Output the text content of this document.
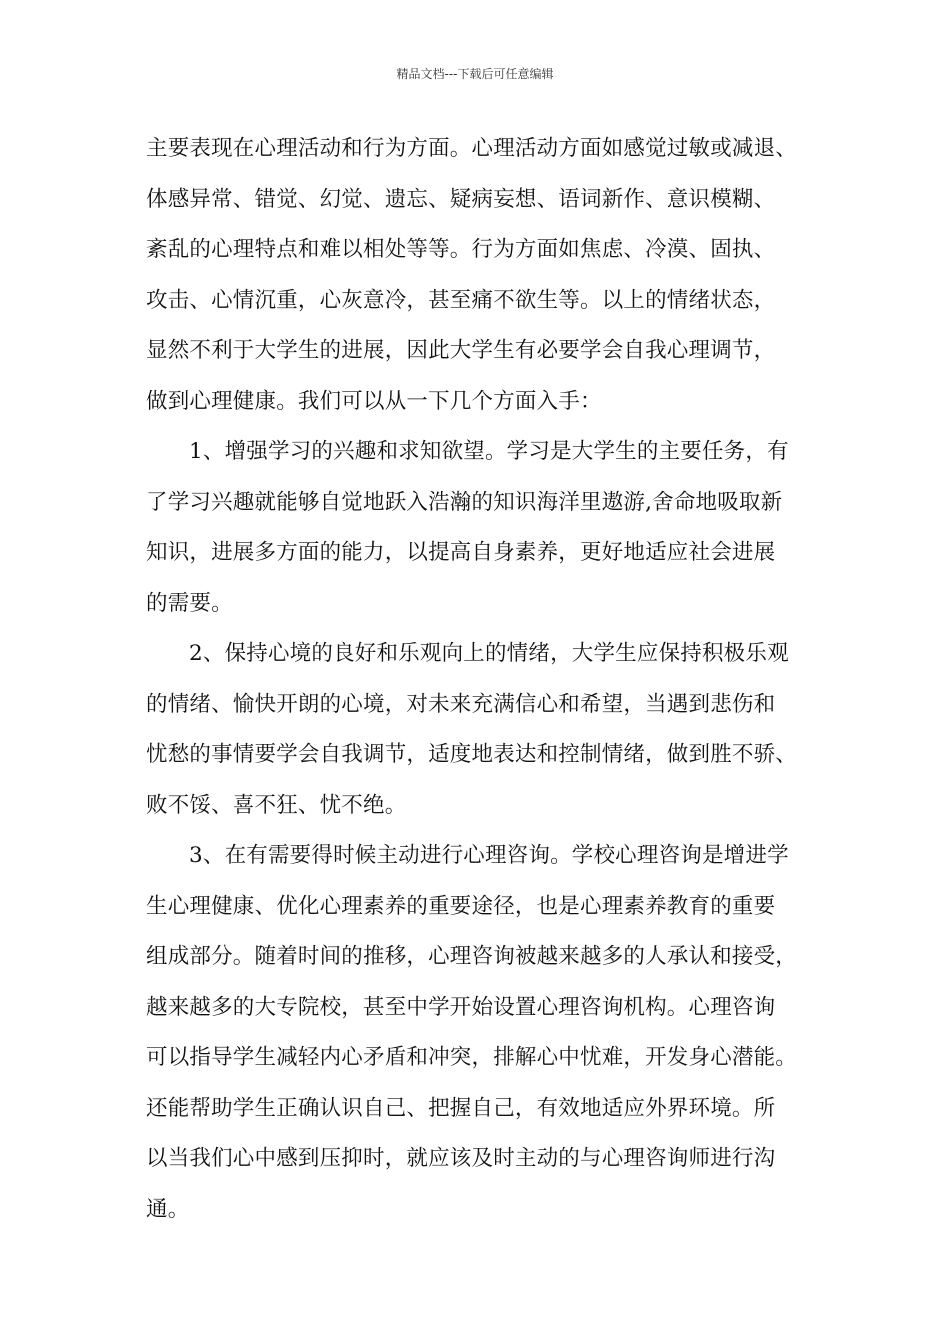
精品文档---下载后可任意编辑
主要表现在心理活动和行为方面。心理活动方面如感觉过敏或减退、
体感异常、错觉、幻觉、遗忘、疑病妄想、语词新作、意识模糊、
紊乱的心理特点和难以相处等等。行为方面如焦虑、冷漠、固执、
攻击、心情沉重，心灰意冷，甚至痛不欲生等。以上的情绪状态，
显然不利于大学生的进展，因此大学生有必要学会自我心理调节，
做到心理健康。我们可以从一下几个方面入手：
1、增强学习的兴趣和求知欲望。学习是大学生的主要任务，有
了学习兴趣就能够自觉地跃入浩瀚的知识海洋里遨游,舍命地吸取新
知识，进展多方面的能力，以提高自身素养，更好地适应社会进展
的需要。
2、保持心境的良好和乐观向上的情绪，大学生应保持积极乐观
的情绪、愉快开朗的心境，对未来充满信心和希望，当遇到悲伤和
忧愁的事情要学会自我调节，适度地表达和控制情绪，做到胜不骄、
败不馁、喜不狂、忧不绝。
3、在有需要得时候主动进行心理咨询。学校心理咨询是增进学
生心理健康、优化心理素养的重要途径，也是心理素养教育的重要
组成部分。随着时间的推移，心理咨询被越来越多的人承认和接受，
越来越多的大专院校，甚至中学开始设置心理咨询机构。心理咨询
可以指导学生减轻内心矛盾和冲突，排解心中忧难，开发身心潜能。
还能帮助学生正确认识自己、把握自己，有效地适应外界环境。所
以当我们心中感到压抑时，就应该及时主动的与心理咨询师进行沟
通。
